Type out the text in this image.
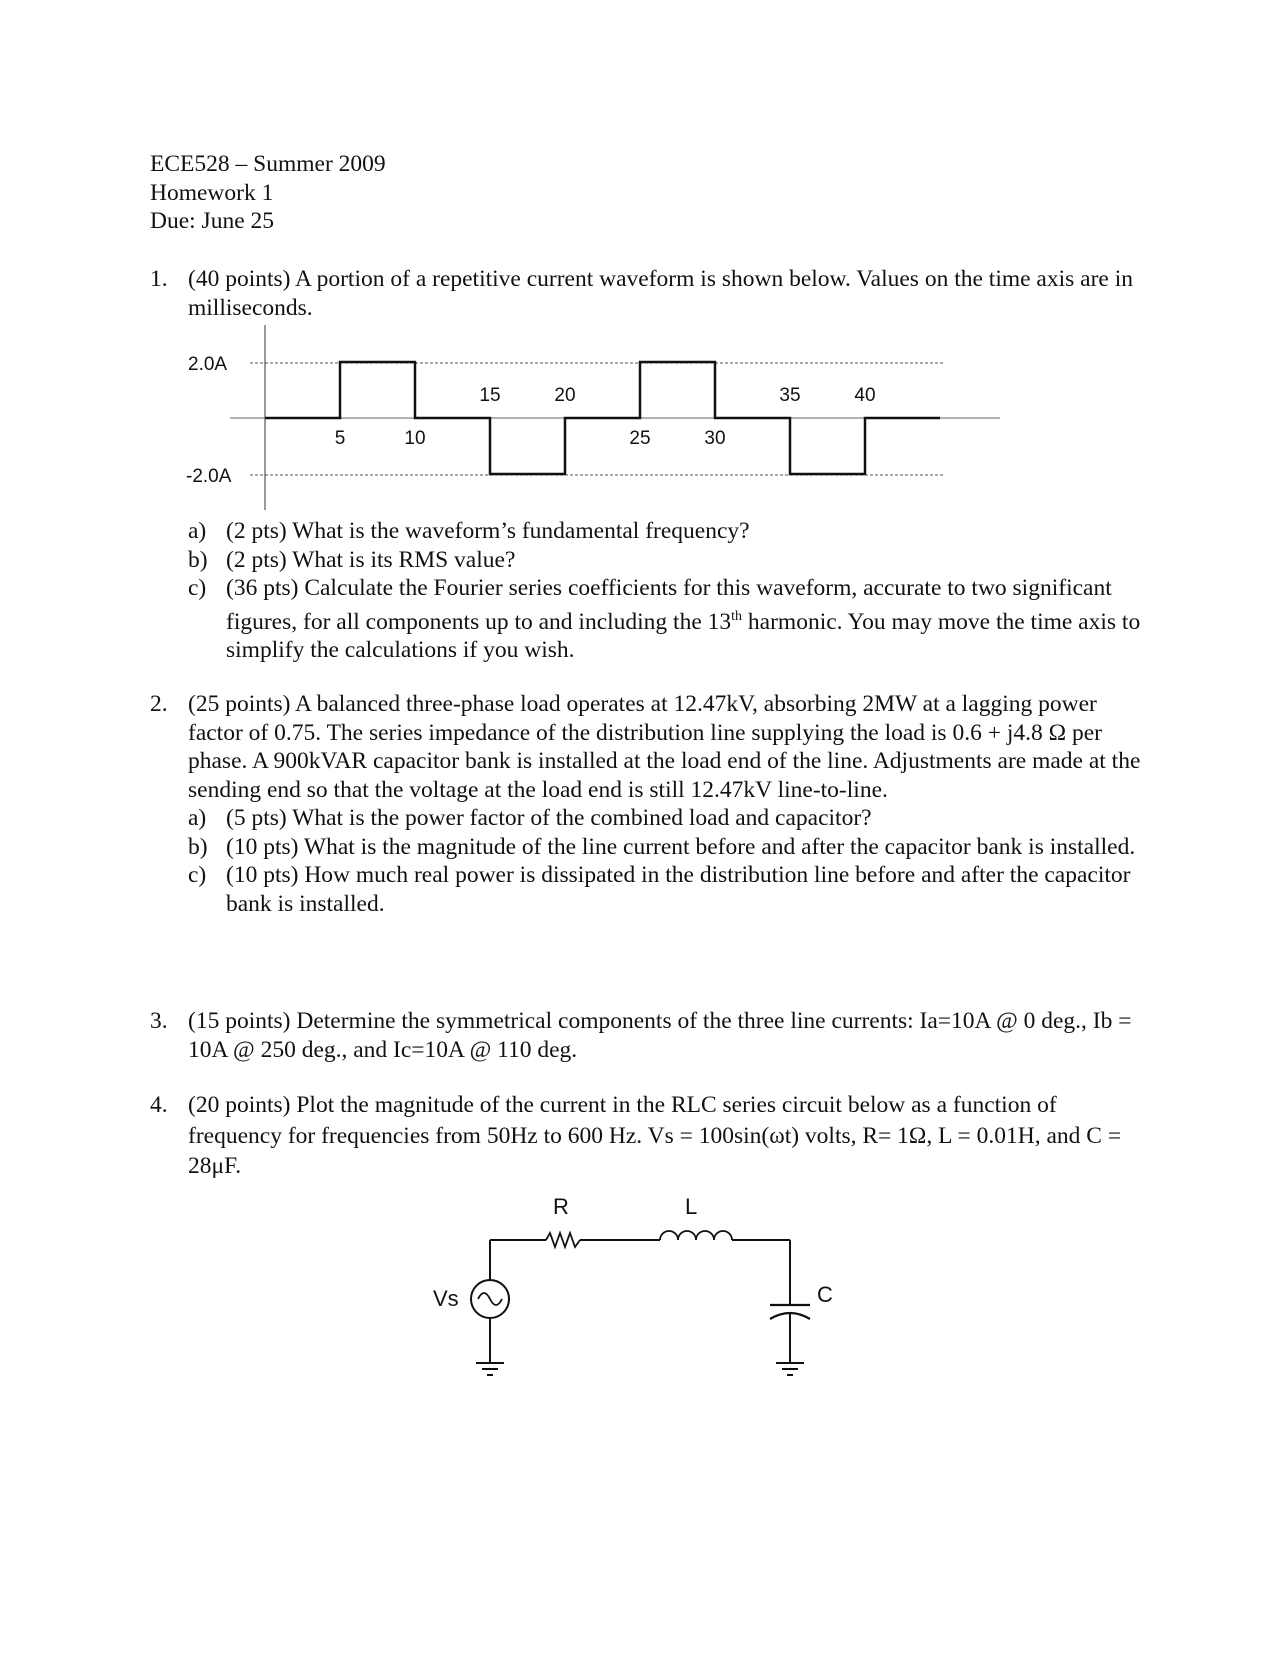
ECE528 – Summer 2009
Homework 1
Due: June 25
1. (40 points) A portion of a repetitive current waveform is shown below. Values on the time axis are in milliseconds.
2.0A
-2.0A
5	10
15	20
25	30
35	40
a) (2 pts) What is the waveform’s fundamental frequency?
b) (2 pts) What is its RMS value?
c) (36 pts) Calculate the Fourier series coefficients for this waveform, accurate to two significant figures, for all components up to and including the 13th harmonic. You may move the time axis to simplify the calculations if you wish.
2. (25 points) A balanced three-phase load operates at 12.47kV, absorbing 2MW at a lagging power factor of 0.75. The series impedance of the distribution line supplying the load is 0.6 + j4.8 Ω per phase. A 900kVAR capacitor bank is installed at the load end of the line. Adjustments are made at the sending end so that the voltage at the load end is still 12.47kV line-to-line.
a) (5 pts) What is the power factor of the combined load and capacitor?
b) (10 pts) What is the magnitude of the line current before and after the capacitor bank is installed.
c) (10 pts) How much real power is dissipated in the distribution line before and after the capacitor bank is installed.
3. (15 points) Determine the symmetrical components of the three line currents: Ia=10A @ 0 deg., Ib = 10A @ 250 deg., and Ic=10A @ 110 deg.
4. (20 points) Plot the magnitude of the current in the RLC series circuit below as a function of frequency for frequencies from 50Hz to 600 Hz. Vs = 100sin(ωt) volts, R= 1Ω, L = 0.01H, and C = 28μF.
R	L
Vs	C
